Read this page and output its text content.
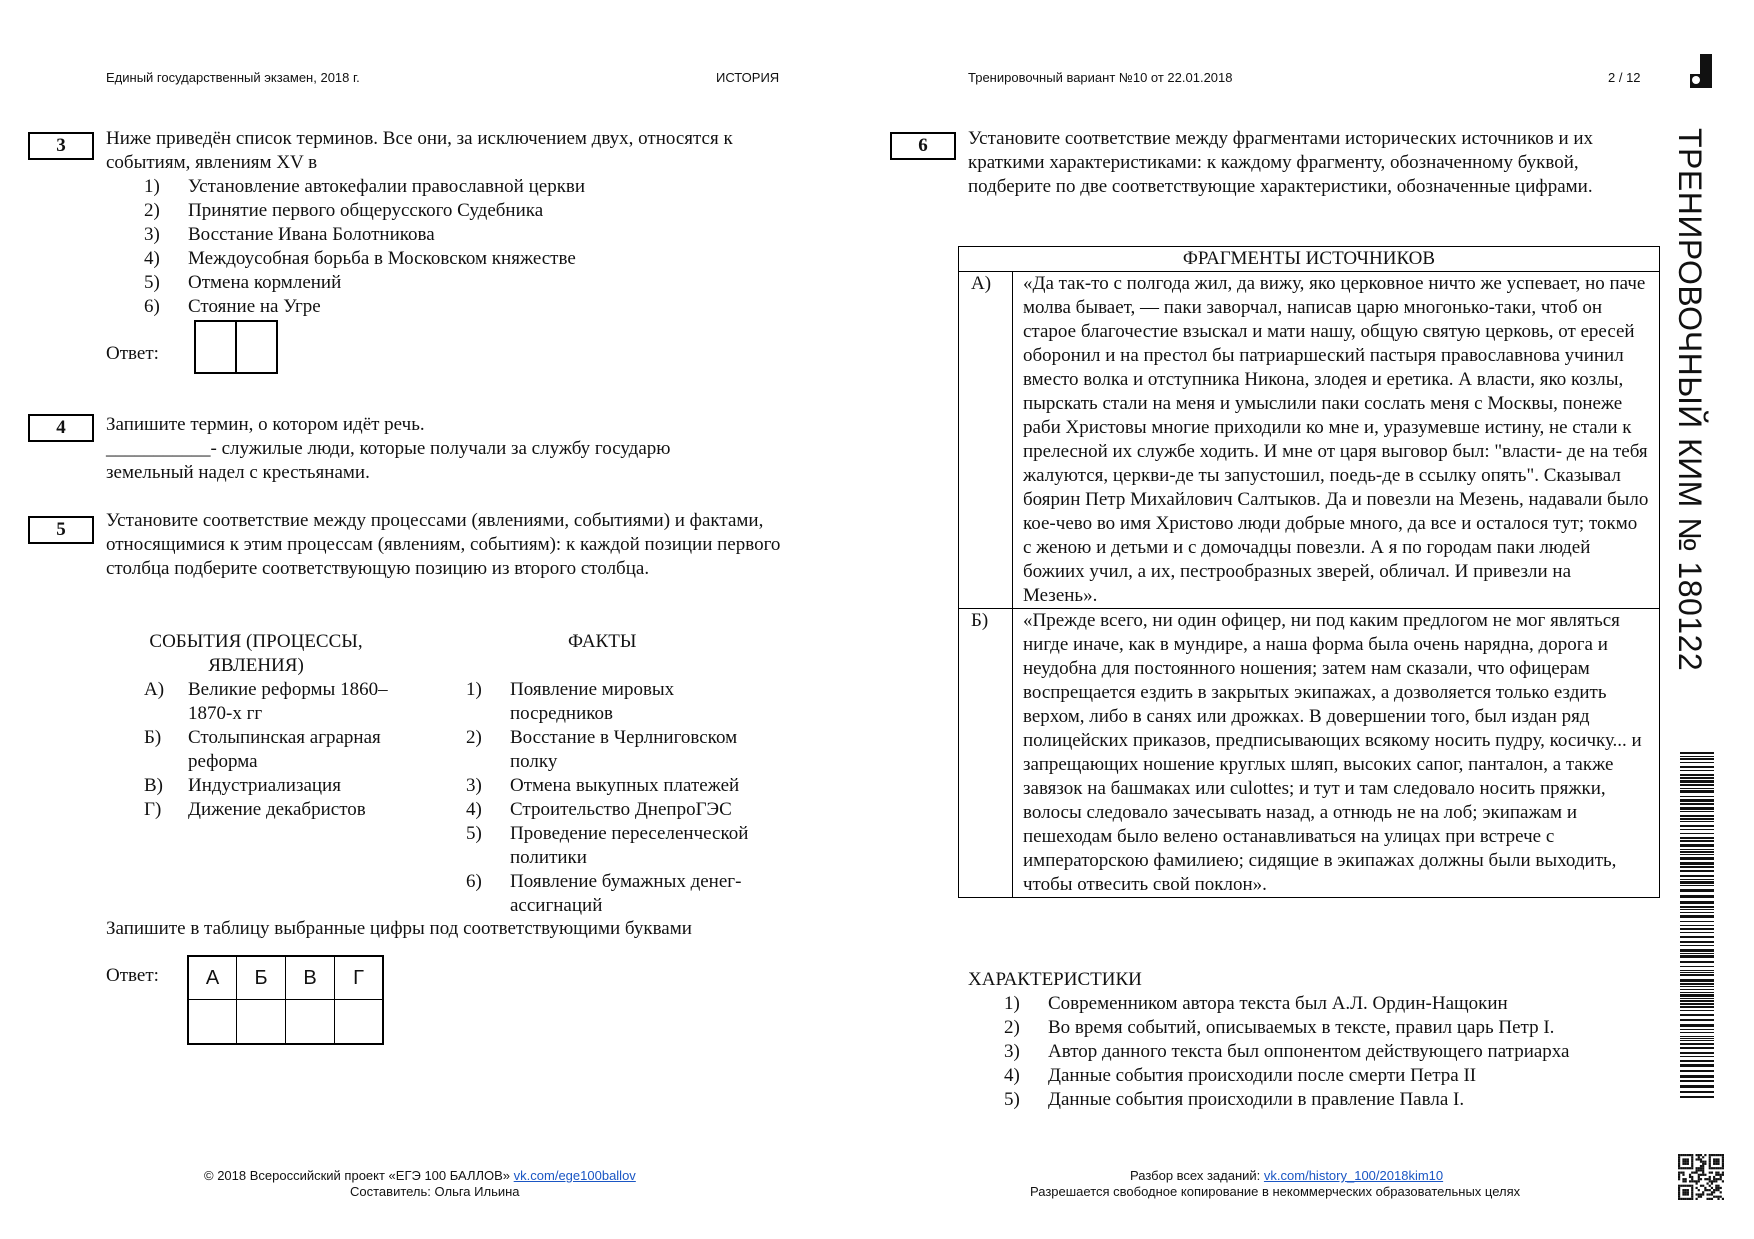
Единый государственный экзамен, 2018 г.	ИСТОРИЯ	Тренировочный вариант №10 от 22.01.2018	2 / 12
ТРЕНИРОВОЧНЫЙ КИМ № 180122
3	Ниже приведён список терминов. Все они, за исключением двух, относятся к событиям, явлениям XV в
1) Установление автокефалии православной церкви
2) Принятие первого общерусского Судебника
3) Восстание Ивана Болотникова
4) Междоусобная борьба в Московском княжестве
5) Отмена кормлений
6) Стояние на Угре
Ответ:
4	Запишите термин, о котором идёт речь.
___________- служилые люди, которые получали за службу государю
земельный надел с крестьянами.
5	Установите соответствие между процессами (явлениями, событиями) и фактами, относящимися к этим процессам (явлениям, событиям): к каждой позиции первого столбца подберите соответствующую позицию из второго столбца.
СОБЫТИЯ (ПРОЦЕССЫ, ЯВЛЕНИЯ)
ФАКТЫ
А) Великие реформы 1860–1870-х гг
Б) Столыпинская аграрная реформа
В) Индустриализация
Г) Дижение декабристов
1) Появление мировых посредников
2) Восстание в Черлниговском полку
3) Отмена выкупных платежей
4) Строительство ДнепроГЭС
5) Проведение переселенческой политики
6) Появление бумажных денег-ассигнаций
Запишите в таблицу выбранные цифры под соответствующими буквами
Ответ:	А	Б	В	Г
6	Установите соответствие между фрагментами исторических источников и их краткими характеристиками: к каждому фрагменту, обозначенному буквой, подберите по две соответствующие характеристики, обозначенные цифрами.
ФРАГМЕНТЫ ИСТОЧНИКОВ	
А)	«Да так-то с полгода жил, да вижу, яко церковное ничто же успевает, но паче молва бывает, — паки заворчал, написав царю многонько-таки, чтоб он старое благочестие взыскал и мати нашу, общую святую церковь, от ересей оборонил и на престол бы патриаршеский пастыря православнова учинил вместо волка и отступника Никона, злодея и еретика. А власти, яко козлы, пырскать стали на меня и умыслили паки сослать меня с Москвы, понеже раби Христовы многие приходили ко мне и, уразумевше истину, не стали к прелесной их службе ходить. И мне от царя выговор был: "власти- де на тебя жалуются, церкви-де ты запустошил, поедь-де в ссылку опять". Сказывал боярин Петр Михайлович Салтыков. Да и повезли на Мезень, надавали было кое-чево во имя Христово люди добрые много, да все и осталося тут; токмо с женою и детьми и с домочадцы повезли. А я по городам паки людей божиих учил, а их, пестрообразных зверей, обличал. И привезли на Мезень».
Б)	«Прежде всего, ни один офицер, ни под каким предлогом не мог являться нигде иначе, как в мундире, а наша форма была очень нарядна, дорога и неудобна для постоянного ношения; затем нам сказали, что офицерам воспрещается ездить в закрытых экипажах, а дозволяется только ездить верхом, либо в санях или дрожках. В довершении того, был издан ряд полицейских приказов, предписывающих всякому носить пудру, косичку... и запрещающих ношение круглых шляп, высоких сапог, панталон, а также завязок на башмаках или culottes; и тут и там следовало носить пряжки, волосы следовало зачесывать назад, а отнюдь не на лоб; экипажам и пешеходам было велено останавливаться на улицах при встрече с императорскою фамилиею; сидящие в экипажах должны были выходить, чтобы отвесить свой поклон».
ХАРАКТЕРИСТИКИ
1) Современником автора текста был А.Л. Ордин-Нащокин
2) Во время событий, описываемых в тексте, правил царь Петр I.
3) Автор данного текста был оппонентом действующего патриарха
4) Данные события происходили после смерти Петра II
5) Данные события происходили в правление Павла I.
© 2018 Всероссийский проект «ЕГЭ 100 БАЛЛОВ» vk.com/ege100ballov
Составитель: Ольга Ильина
Разбор всех заданий: vk.com/history_100/2018kim10
Разрешается свободное копирование в некоммерческих образовательных целях
